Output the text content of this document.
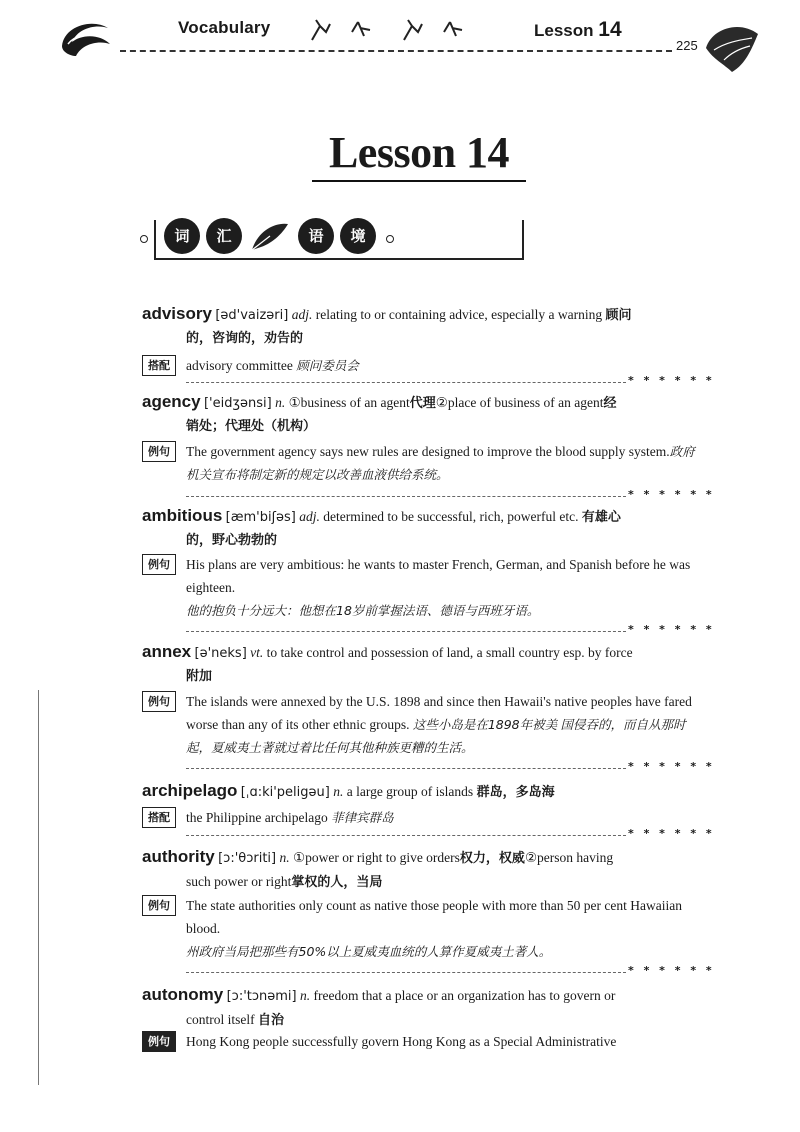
Vocabulary	Lesson 14
225
Lesson 14
词	汇	语	境
advisory [əd'vaizəri] adj. relating to or containing advice, especially a warning 顾问
的，咨询的，劝告的
搭配	advisory committee 顾问委员会
* * * * * *
agency ['eidʒənsi] n. ①business of an agent代理②place of business of an agent经
销处；代理处（机构）
例句	The government agency says new rules are designed to improve the blood supply system.政府机关宣布将制定新的规定以改善血液供给系统。
* * * * * *
ambitious [æm'biʃəs] adj. determined to be successful, rich, powerful etc. 有雄心
的，野心勃勃的
例句	His plans are very ambitious: he wants to master French, German, and Spanish before he was eighteen.
他的抱负十分远大：他想在18岁前掌握法语、德语与西班牙语。
* * * * * *
annex [ə'neks] vt. to take control and possession of land, a small country esp. by force
附加
例句	The islands were annexed by the U.S. 1898 and since then Hawaii's native peoples have fared worse than any of its other ethnic groups. 这些小岛是在1898年被美 国侵吞的，而自从那时起，夏威夷土著就过着比任何其他种族更糟的生活。
* * * * * *
archipelago [ˌɑ:ki'peligəu] n. a large group of islands 群岛，多岛海
搭配	the Philippine archipelago 菲律宾群岛
* * * * * *
authority [ɔ:'θɔriti] n. ①power or right to give orders权力，权威②person having
such power or right掌权的人，当局
例句	The state authorities only count as native those people with more than 50 per cent Hawaiian blood.
州政府当局把那些有50%以上夏威夷血统的人算作夏威夷土著人。
* * * * * *
autonomy [ɔ:'tɔnəmi] n. freedom that a place or an organization has to govern or
control itself 自治
例句	Hong Kong people successfully govern Hong Kong as a Special Administrative
